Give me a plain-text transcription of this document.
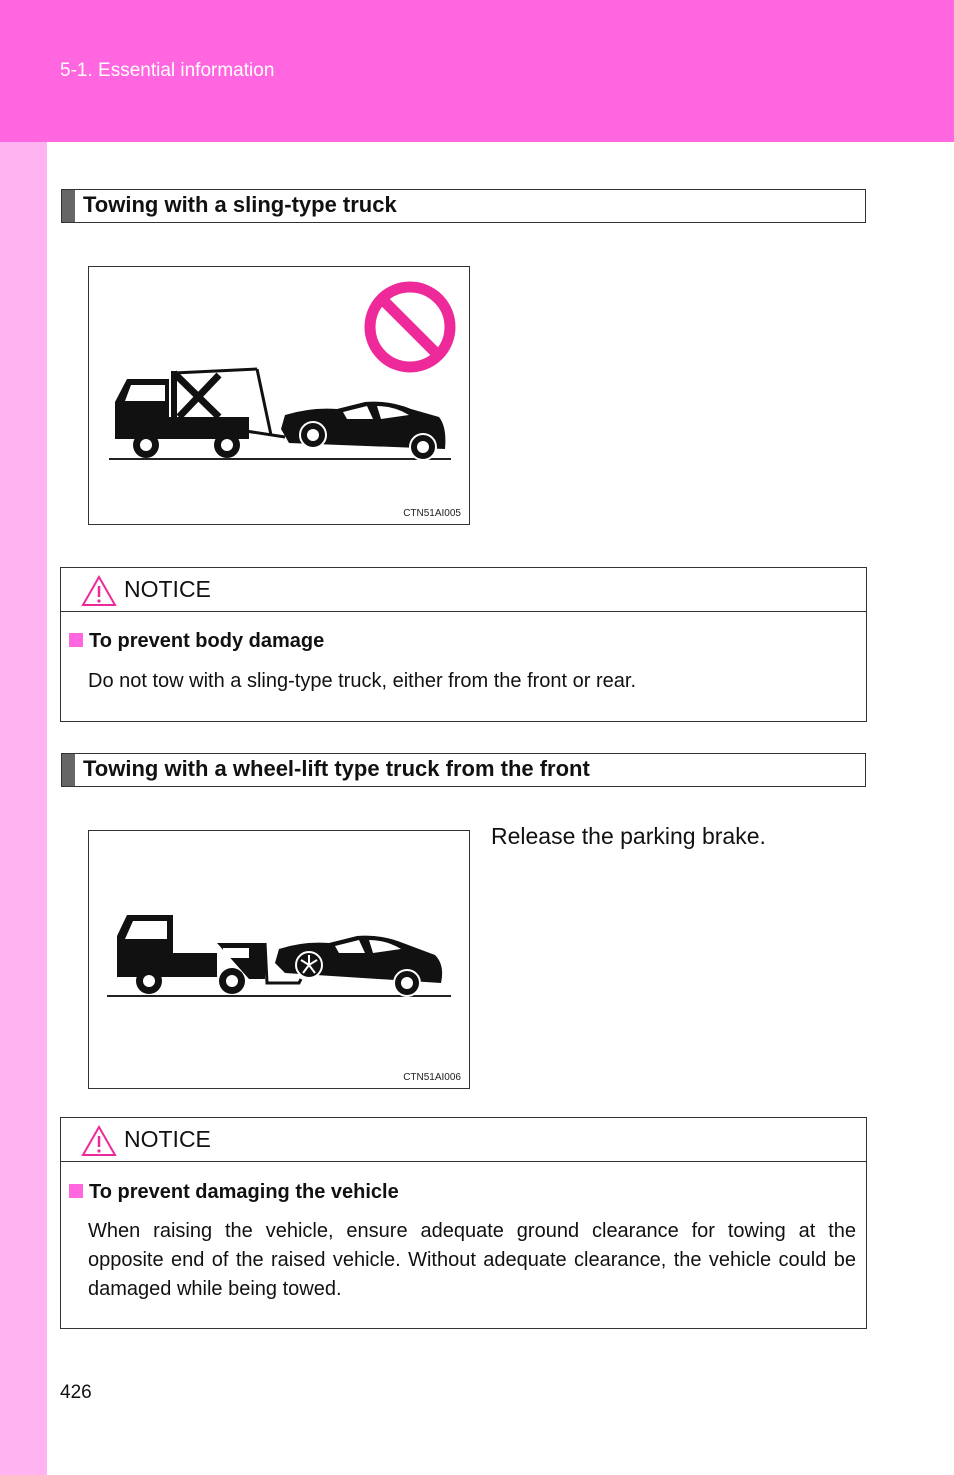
5-1. Essential information
Towing with a sling-type truck
CTN51AI005
NOTICE
To prevent body damage
Do not tow with a sling-type truck, either from the front or rear.
Towing with a wheel-lift type truck from the front
CTN51AI006
Release the parking brake.
NOTICE
To prevent damaging the vehicle
When raising the vehicle, ensure adequate ground clearance for towing at the opposite end of the raised vehicle. Without adequate clearance, the vehicle could be damaged while being towed.
426
